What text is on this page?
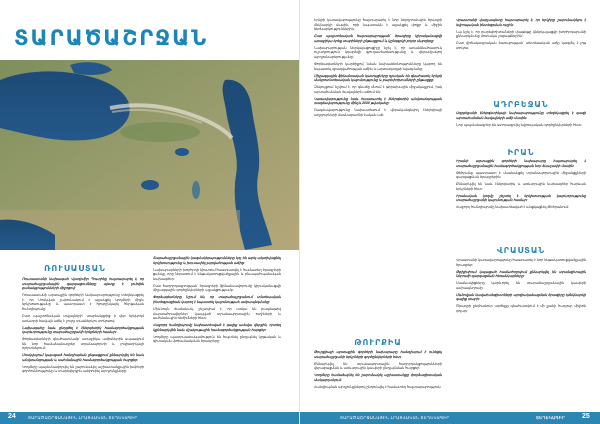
ՏԱՐԱԾԱՇՐՋԱՆ
ՌՈՒՍԱՍՏԱՆ

Ռուսաստանի նախագահ Վլադիմիր Պուտինը հայտարարել է, որ տարածաշրջանային զարգացումները պետք է լուծվեն բանակցությունների միջոցով:

Ռուսաստանի արտաքին գործերի նախարարությունը տեղեկացրել է, որ Մոսկվան շարունակում է աջակցել կողմերի միջև երկխոսությանը և պատրաստ է հյուրընկալել հերթական հանդիպումը:

Ըստ պաշտոնական տվյալների՝ տարեսկզբից ի վեր երկկողմ առևտրի ծավալն աճել է շուրջ տասներկու տոկոսով:

Նախագահը նաև ընդգծել է էներգետիկ համագործակցության կարևորությունը տարածաշրջանի երկրների համար:

Փորձագետների գնահատմամբ՝ առաջիկա ամիսներին սպասվում են նոր համաձայնագրեր տրանսպորտի և լոգիստիկայի ոլորտներում:

Մոսկվայում կայացած հանդիպման ընթացքում քննարկվել են նաև անվտանգության և սահմանային համագործակցության հարցեր:

Կողմերը պայմանավորվել են շարունակել աշխատանքային խմբերի գործունեությունը և տարեվերջին ամփոփել արդյունքները:

Տարածաշրջանային կազմակերպությունները կոչ են արել ակտիվացնել երկխոսությունը և խուսափել լարվածության աճից:

Նախարարների խորհրդի նիստում հաստատվել է համատեղ ծրագրերի ցանկը, որը ներառում է ենթակառուցվածքային և բնապահպանական նախագծեր:

Ըստ հաղորդագրության՝ ծրագրերի ֆինանսավորումը կիրականացվի միջազգային գործընկերների աջակցությամբ:

Փորձագետները նշում են, որ տարածաշրջանում տնտեսական ինտեգրացիան կարող է նպաստել կայունության ամրապնդմանը:

Միևնույն ժամանակ, շեշտվում է, որ առկա են բազմաթիվ մարտահրավերներ՝ կապված տրանսպորտային ուղիների և սահմանային ռեժիմների հետ:

Հաջորդ հանդիպումը նախատեսված է գալիք ամսվա վերջին, որտեղ կքննարկվեն նաև մշակութային համագործակցության հարցեր:

Կողմերը պատրաստակամություն են հայտնել ընդլայնել կրթական և գիտական փոխանակման ծրագրերը:

24	ՏԱՐԱԾԱՇՐՋԱՆԱՅԻՆ ԼՐԱՏՎԱԿԱՆ ՏԵՂԵԿԱԳԻՐ

Երկրի կառավարությունը հայտարարել է նոր ներդրումային ծրագրի մեկնարկի մասին, որի նպատակն է աջակցել փոքր և միջին ձեռնարկություններին:

Ըստ պաշտոնական հայտարարության՝ ծրագիրը կիրականացվի առաջիկա երեք տարիների ընթացքում և կընդգրկի բոլոր մարզերը:

Նախարարության ներկայացուցիչը նշել է, որ առանձնահատուկ ուշադրություն կդարձվի գյուղատնտեսությանը և վերամշակող արդյունաբերությանը:

Փորձագետների կարծիքով՝ նման նախաձեռնությունները կարող են նպաստել զբաղվածության աճին և արտագաղթի նվազմանը:

Միջազգային ֆինանսական կառույցները դրական են գնահատել երկրի մակրոտնտեսական կայունությունը և բարեփոխումների ընթացքը:

Զեկույցում նշվում է, որ գնաճը մնում է թիրախային միջակայքում, իսկ արտահանման ծավալներն աճում են:

Կառավարությունը նաև հաստատել է էներգետիկ անվտանգության ռազմավարությունը մինչև 2030 թվականը:

Ռազմավարությունը նախատեսում է վերականգնվող էներգիայի աղբյուրների մասնաբաժնի էական աճ:

ԹՈՒՐՔԻԱ

Թուրքիայի արտաքին գործերի նախարարը հանդիպում է ունեցել տարածաշրջանի երկրների գործընկերների հետ:

Քննարկվել են տրանսպորտային հաղորդակցությունների վերաբացման և առևտրային կապերի ընդլայնման հարցեր:

Կողմերը համաձայնել են շարունակել աշխատանքը փորձագիտական մակարդակում:

Հանդիպման արդյունքներով ընդունվել է համատեղ հայտարարություն:

Վրաստանի վարչապետը հայտարարել է, որ երկիրը շարունակելու է եվրոպական ինտեգրման ուղին:

Նա նշել է, որ բարեփոխումների փաթեթը կներկայացվի խորհրդարանի քննարկմանը մոտակա շաբաթներին:

Ըստ վիճակագրական ծառայության՝ տնտեսական աճը կազմել է յոթ տոկոս:

ԱԴՐԲԵՋԱՆ

Ադրբեջանի էներգետիկայի նախարարությունը տեղեկացրել է գազի արտահանման ծավալների աճի մասին:

Նոր պայմանագրեր են ստորագրվել եվրոպական գործընկերների հետ:

ԻՐԱՆ

Իրանի արտաքին գործերի նախարարը հայտարարել է տարածաշրջանային համագործակցության նոր ձևաչափի մասին:

Թեհրանը պատրաստ է մասնակցել տրանսպորտային միջանցքների զարգացման ծրագրերին:

Քննարկվել են նաև էներգետիկ և առևտրային նախագծեր հարևան երկրների հետ:

Իրանական կողմը շեշտել է երկխոսության կարևորությունը տարածաշրջանի կայունության համար:

Հաջորդ հանդիպումը նախատեսված է անցկացնել Թեհրանում:

ՎՐԱՍՏԱՆ

Վրաստանի կառավարությունը հաստատել է նոր ենթակառուցվածքային ծրագրեր:

Թբիլիսիում կայացած համաժողովում քննարկվել են տրանզիտային ներուժի զարգացման հեռանկարները:

Մասնակիցները կարևորել են տարածաշրջանային կապերի ամրապնդումը:

Սևծովյան նավահանգիստների արդիականացման ծրագիրը կմեկնարկի գալիք տարի:

Ծրագրի ընդհանուր արժեքը գնահատվում է մի քանի հարյուր միլիոն դոլար:

ՏԱՐԱԾԱՇՐՋԱՆԱՅԻՆ ԼՐԱՏՎԱԿԱՆ ՏԵՂԵԿԱԳԻՐ	ՏԵՂԵԿԱԳԻՐ 25
